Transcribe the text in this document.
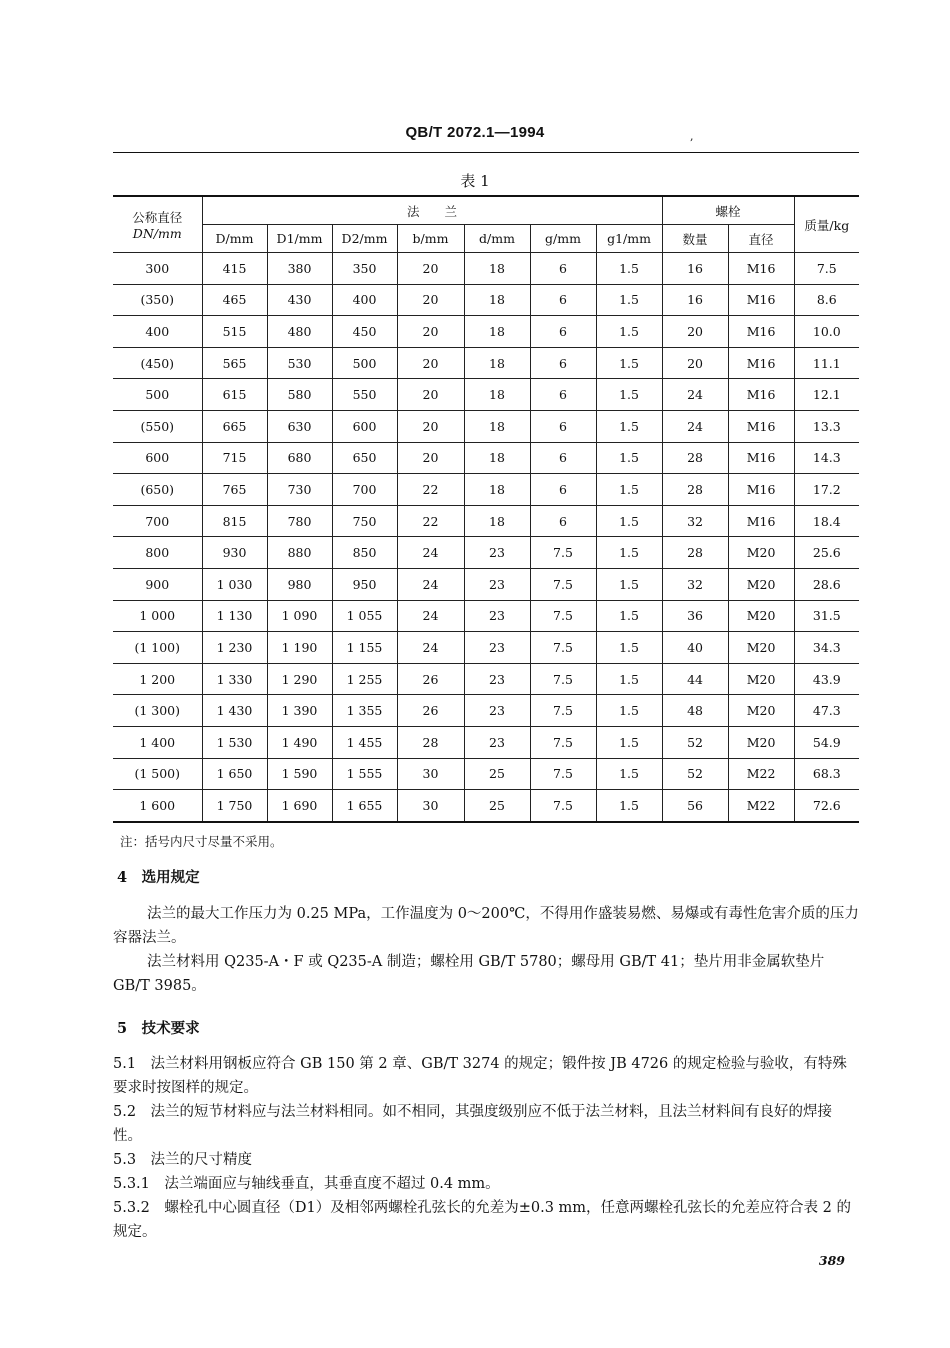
QB/T 2072.1—1994	,
表 1
公称直径
DN/mm	法　　兰							螺栓		质量/kg
	D/mm	D1/mm	D2/mm	b/mm	d/mm	g/mm	g1/mm	数量	直径	
300	415	380	350	20	18	6	1.5	16	M16	7.5
(350)	465	430	400	20	18	6	1.5	16	M16	8.6
400	515	480	450	20	18	6	1.5	20	M16	10.0
(450)	565	530	500	20	18	6	1.5	20	M16	11.1
500	615	580	550	20	18	6	1.5	24	M16	12.1
(550)	665	630	600	20	18	6	1.5	24	M16	13.3
600	715	680	650	20	18	6	1.5	28	M16	14.3
(650)	765	730	700	22	18	6	1.5	28	M16	17.2
700	815	780	750	22	18	6	1.5	32	M16	18.4
800	930	880	850	24	23	7.5	1.5	28	M20	25.6
900	1 030	980	950	24	23	7.5	1.5	32	M20	28.6
1 000	1 130	1 090	1 055	24	23	7.5	1.5	36	M20	31.5
(1 100)	1 230	1 190	1 155	24	23	7.5	1.5	40	M20	34.3
1 200	1 330	1 290	1 255	26	23	7.5	1.5	44	M20	43.9
(1 300)	1 430	1 390	1 355	26	23	7.5	1.5	48	M20	47.3
1 400	1 530	1 490	1 455	28	23	7.5	1.5	52	M20	54.9
(1 500)	1 650	1 590	1 555	30	25	7.5	1.5	52	M22	68.3
1 600	1 750	1 690	1 655	30	25	7.5	1.5	56	M22	72.6
注：括号内尺寸尽量不采用。
4　选用规定
法兰的最大工作压力为 0.25 MPa，工作温度为 0～200℃，不得用作盛装易燃、易爆或有毒性危害介质的压力容器法兰。
法兰材料用 Q235-A・F 或 Q235-A 制造；螺栓用 GB/T 5780；螺母用 GB/T 41；垫片用非金属软垫片 GB/T 3985。
5　技术要求
5.1　法兰材料用钢板应符合 GB 150 第 2 章、GB/T 3274 的规定；锻件按 JB 4726 的规定检验与验收，有特殊要求时按图样的规定。
5.2　法兰的短节材料应与法兰材料相同。如不相同，其强度级别应不低于法兰材料，且法兰材料间有良好的焊接性。
5.3　法兰的尺寸精度
5.3.1　法兰端面应与轴线垂直，其垂直度不超过 0.4 mm。
5.3.2　螺栓孔中心圆直径（D1）及相邻两螺栓孔弦长的允差为±0.3 mm，任意两螺栓孔弦长的允差应符合表 2 的规定。
389
